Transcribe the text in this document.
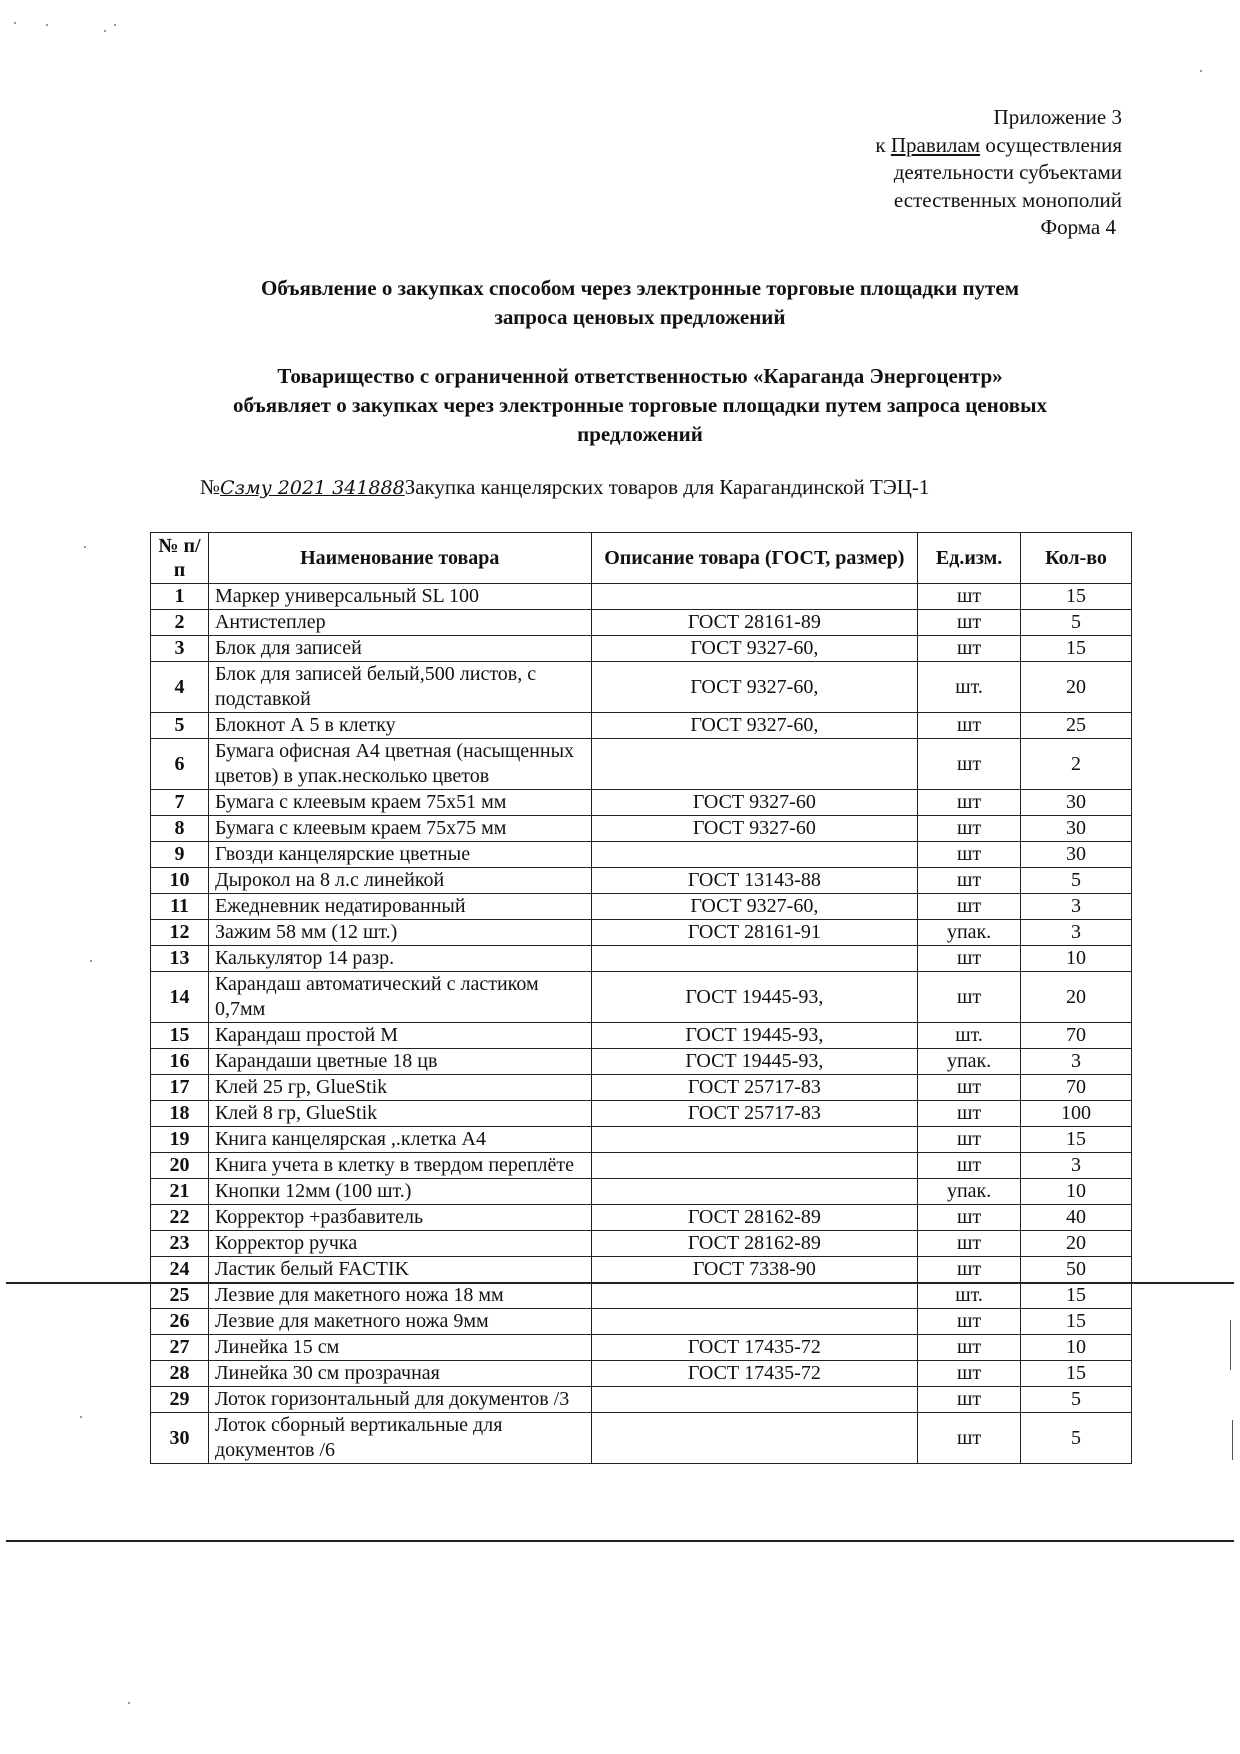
Приложение 3
к Правилам осуществления
деятельности субъектами
естественных монополий
Форма 4
Объявление о закупках способом через электронные торговые площадки путем
запроса ценовых предложений
Товарищество с ограниченной ответственностью «Караганда Энергоцентр»
объявляет о закупках через электронные торговые площадки путем запроса ценовых
предложений
№Сзму 2021 341888Закупка канцелярских товаров для Карагандинской ТЭЦ-1
№ п/п	Наименование товара	Описание товара (ГОСТ, размер)	Ед.изм.	Кол-во
1	Маркер универсальный SL 100		шт	15
2	Антистеплер	ГОСТ 28161-89	шт	5
3	Блок для записей	ГОСТ 9327-60,	шт	15
4	Блок для записей белый,500 листов, с подставкой	ГОСТ 9327-60,	шт.	20
5	Блокнот А 5 в клетку	ГОСТ 9327-60,	шт	25
6	Бумага офисная А4 цветная (насыщенных цветов) в упак.несколько цветов		шт	2
7	Бумага с клеевым краем 75х51 мм	ГОСТ 9327-60	шт	30
8	Бумага с клеевым краем 75х75 мм	ГОСТ 9327-60	шт	30
9	Гвозди канцелярские цветные		шт	30
10	Дырокол на 8 л.с линейкой	ГОСТ 13143-88	шт	5
11	Ежедневник недатированный	ГОСТ 9327-60,	шт	3
12	Зажим 58 мм (12 шт.)	ГОСТ 28161-91	упак.	3
13	Калькулятор 14 разр.		шт	10
14	Карандаш автоматический с ластиком 0,7мм	ГОСТ 19445-93,	шт	20
15	Карандаш простой М	ГОСТ 19445-93,	шт.	70
16	Карандаши цветные 18 цв	ГОСТ 19445-93,	упак.	3
17	Клей 25 гр, GlueStik	ГОСТ 25717-83	шт	70
18	Клей 8 гр, GlueStik	ГОСТ 25717-83	шт	100
19	Книга канцелярская ,.клетка А4		шт	15
20	Книга учета в клетку в твердом переплёте		шт	3
21	Кнопки 12мм (100 шт.)		упак.	10
22	Корректор +разбавитель	ГОСТ 28162-89	шт	40
23	Корректор ручка	ГОСТ 28162-89	шт	20
24	Ластик белый FACTIK	ГОСТ 7338-90	шт	50
25	Лезвие для макетного ножа 18 мм		шт.	15
26	Лезвие для макетного ножа 9мм		шт	15
27	Линейка 15 см	ГОСТ 17435-72	шт	10
28	Линейка 30 см прозрачная	ГОСТ 17435-72	шт	15
29	Лоток горизонтальный для документов /3		шт	5
30	Лоток сборный вертикальные для документов /6		шт	5
